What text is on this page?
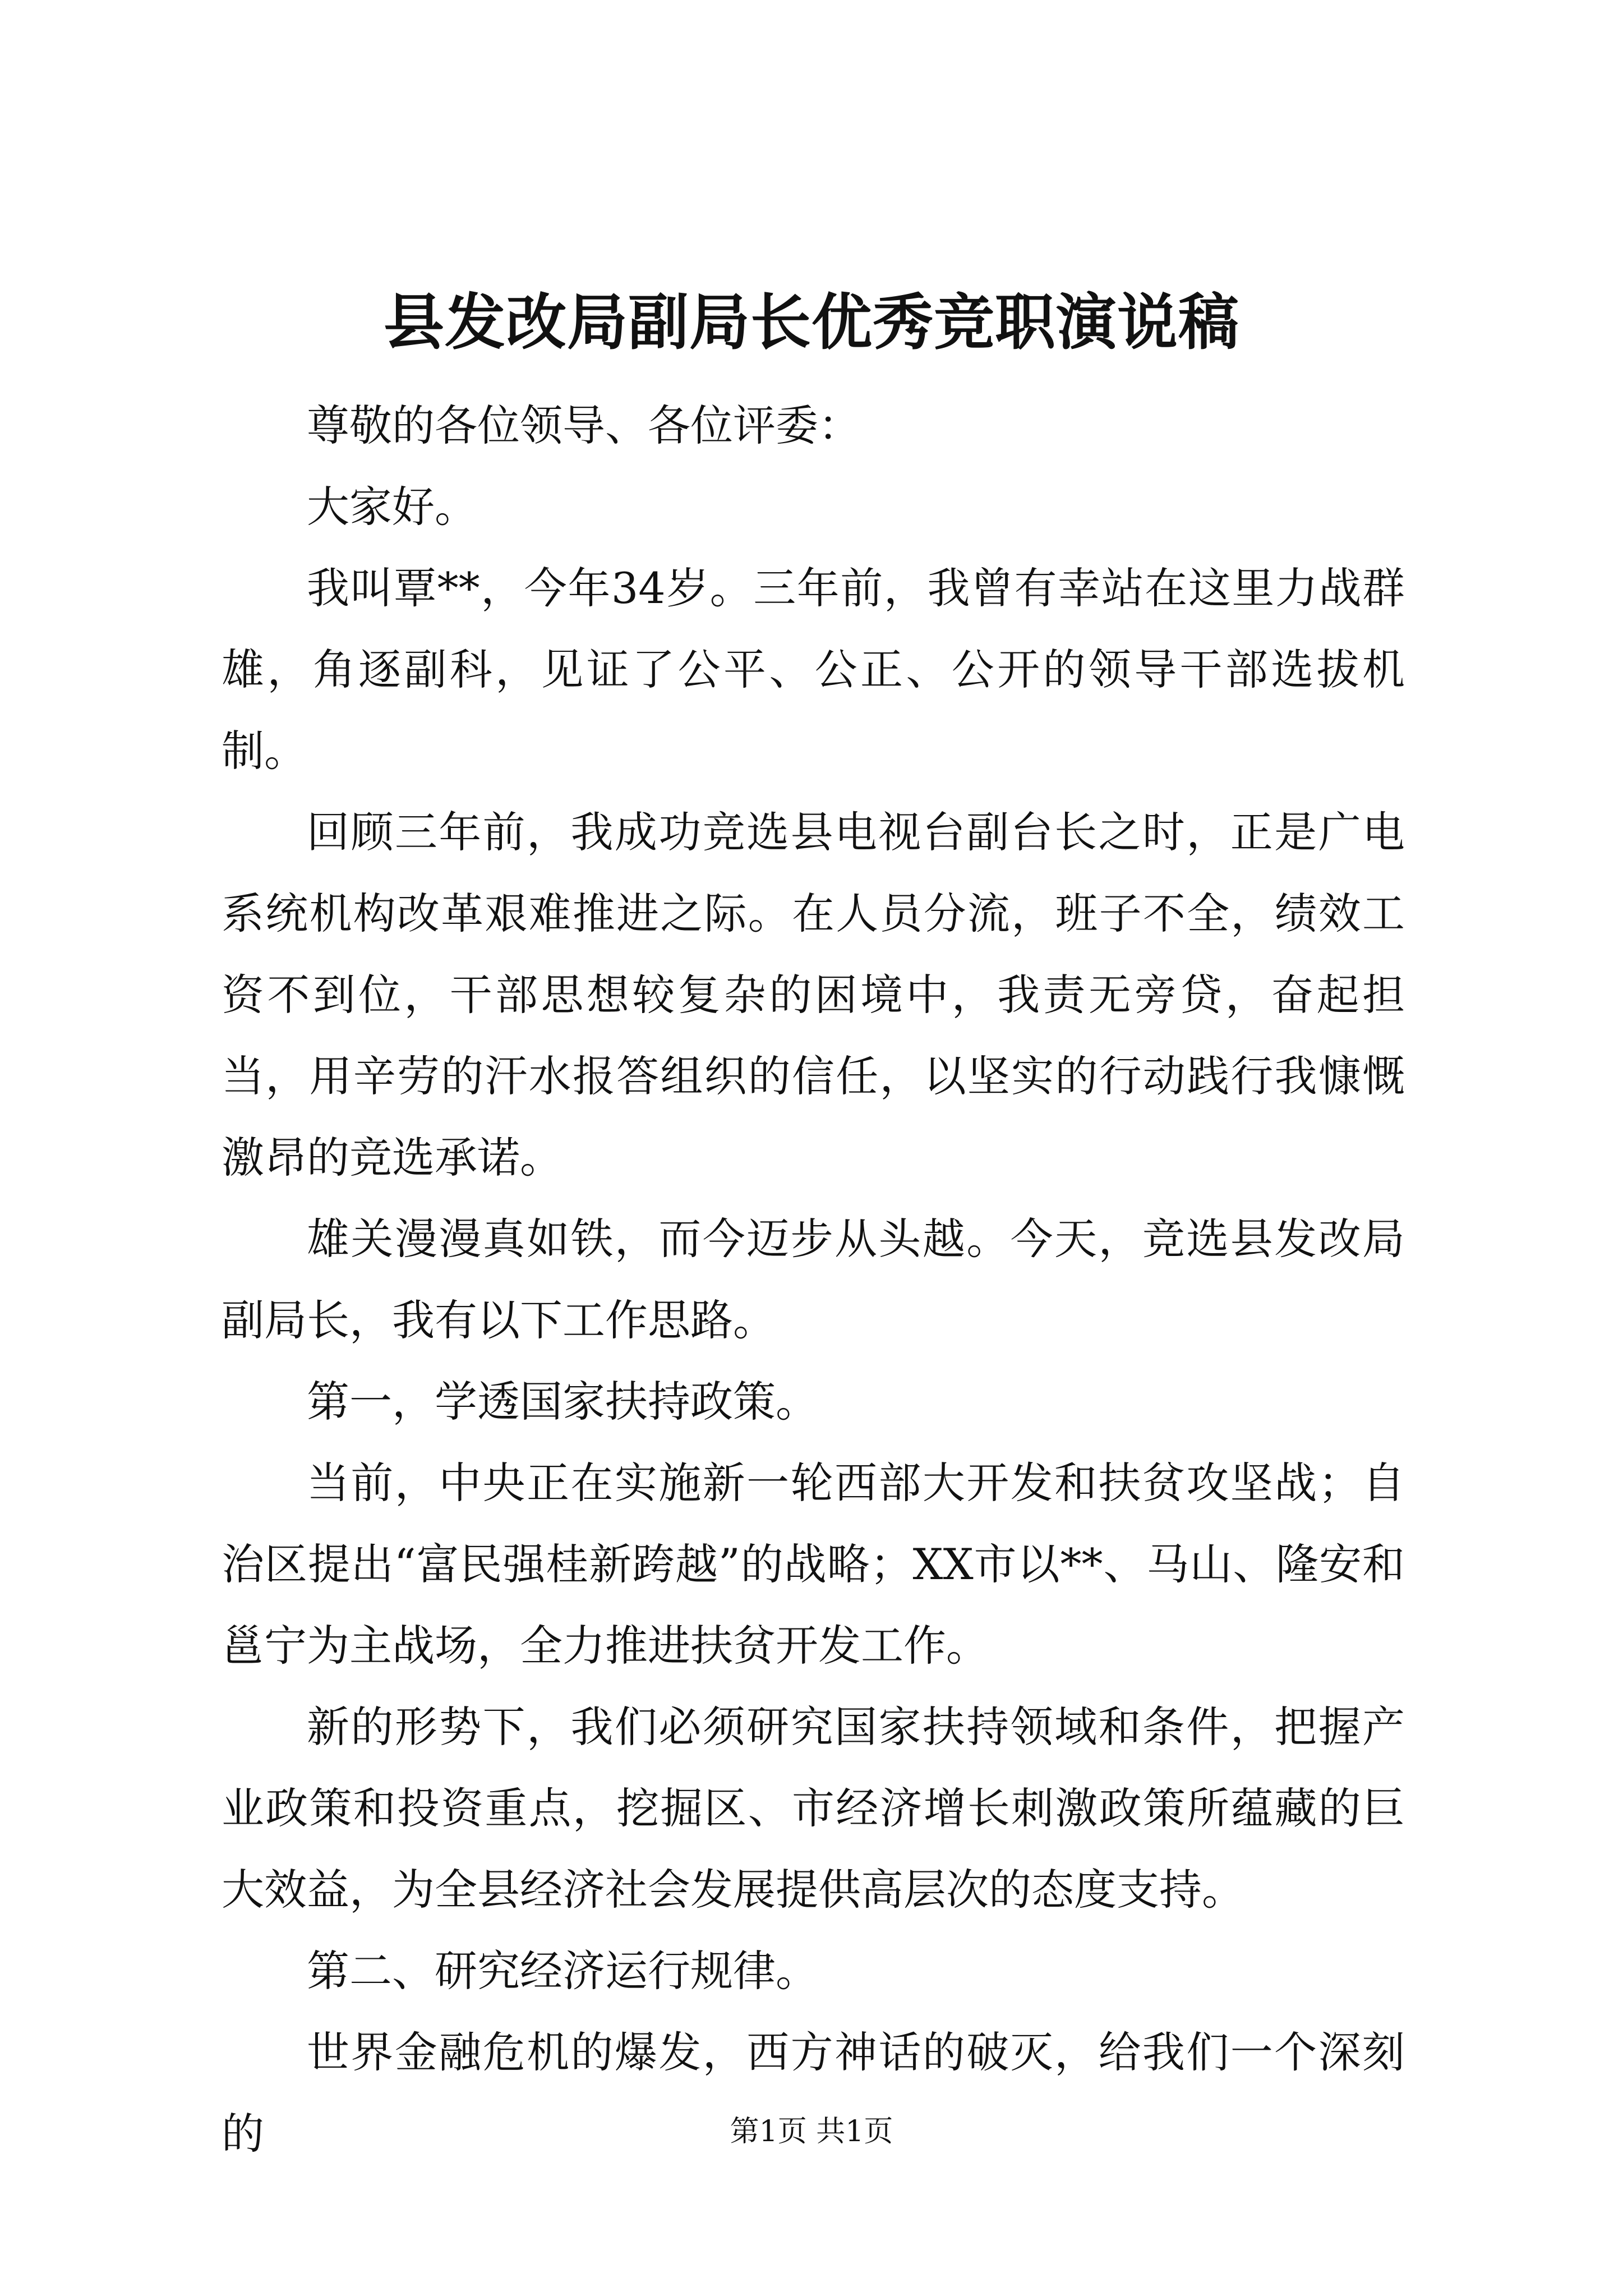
县发改局副局长优秀竞职演说稿

尊敬的各位领导、各位评委：

大家好。

我叫覃**，今年34岁。三年前，我曾有幸站在这里力战群雄，角逐副科，见证了公平、公正、公开的领导干部选拔机制。

回顾三年前，我成功竞选县电视台副台长之时，正是广电系统机构改革艰难推进之际。在人员分流，班子不全，绩效工资不到位，干部思想较复杂的困境中，我责无旁贷，奋起担当，用辛劳的汗水报答组织的信任，以坚实的行动践行我慷慨激昂的竞选承诺。

雄关漫漫真如铁，而今迈步从头越。今天，竞选县发改局副局长，我有以下工作思路。

第一，学透国家扶持政策。

当前，中央正在实施新一轮西部大开发和扶贫攻坚战；自治区提出“富民强桂新跨越”的战略；XX市以**、马山、隆安和邕宁为主战场，全力推进扶贫开发工作。

新的形势下，我们必须研究国家扶持领域和条件，把握产业政策和投资重点，挖掘区、市经济增长刺激政策所蕴藏的巨大效益，为全县经济社会发展提供高层次的态度支持。

第二、研究经济运行规律。

世界金融危机的爆发，西方神话的破灭，给我们一个深刻的	第1页 共1页
